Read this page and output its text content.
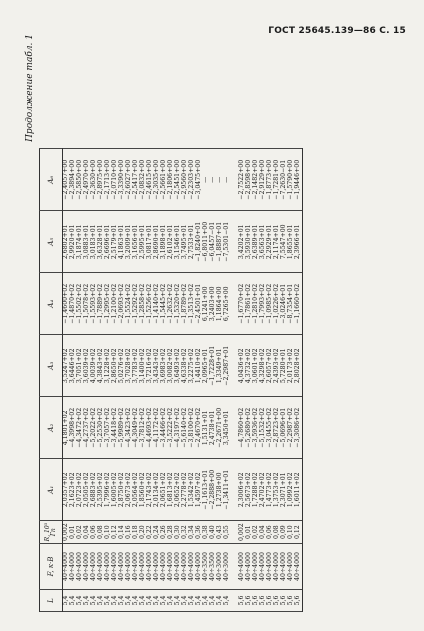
ГОСТ 25645.139—86 С. 15
Продолжение табл. 1
L	F, к·В	R, 10³ Гп	A₁	A₂	A₃	A₄	A₅	A₆
5,4	40÷4000	0,002	2,0357+02	4,1801+02	3,5247+02	−1,4600+02	2,6802+01	−2,4057+00
5,4	40÷4000	0,01	2,1623+02	−4,3998+02	3,6446+02	−1,4870+02	2,9920+01	−2,3894+00
5,4	40÷4000	0,02	2,0723+02	−4,3472+02	3,7051+02	−1,5502+02	3,1874+01	−2,5850+00
5,4	40÷4000	0,04	2,0505+02	−4,2737+02	3,6039+02	−1,5078+02	3,0883+01	−2,4970+00
5,4	40÷4000	0,06	2,6883+02	−5,2022+02	4,0039+02	−1,5593+02	3,0183+01	−2,3630+00
5,4	40÷4000	0,08	2,5395+02	−5,2530+02	4,3843+02	−1,7889+02	3,6328+01	−2,8975+00
5,4	40÷4000	0,10	1,7996+02	−3,7057+02	3,1228+02	−1,2995+02	2,6696+01	−2,1713+00
5,4	40÷4000	0,12	1,6005+02	−3,4418+02	2,8650+02	−1,2100+02	2,5179+01	−2,0710+00
5,4	40÷4000	0,14	2,8750+02	−5,9989+02	5,0276+02	−2,0693+02	4,1863+01	−3,3390+00
5,4	40÷4000	0,16	2,0673+02	−4,3423+02	3,7028+02	−1,5524+02	3,2009+01	−2,6027+00
5,4	40÷4000	0,18	2,0564+02	−4,3049+02	3,7783+02	−1,5292+02	3,1656+01	−2,5417+00
5,4	40÷4000	0,20	1,8560+02	−3,7812+02	3,1400+02	−1,2858+02	2,5995+01	−2,0832+00
5,4	40÷4000	0,22	2,1743+02	−4,4693+02	3,7216+02	−1,5256+02	3,0817+01	−2,4615+00
5,4	40÷4000	0,24	2,0134+02	−4,1172+02	3,4343+02	−1,4140+02	2,8690+01	−2,3035+00
5,4	40÷4000	0,26	2,0651+02	−3,4466+02	3,6983+02	−1,5445+02	3,1898+01	−2,5661+00
5,4	40÷4000	0,28	1,6813+02	−3,5222+02	3,0082+02	−1,2632+02	2,6102+01	−2,1806+00
5,4	40÷4000	0,30	2,0652+02	−4,3197+02	3,6493+02	−1,5320+02	3,1546+01	−2,5451+00
5,4	40÷4000	0,32	2,2778+02	−5,6140+02	4,6338+02	−1,8789+02	3,7495+01	−2,9560+00
5,4	40÷4000	0,34	1,5342+02	−3,8100+02	3,2275+02	−1,3513+02	2,7533+01	−2,2303+00
5,4	40÷4000	0,36	1,4597+02	−2,4670+02	1,4410+02	−2,4501+01	−1,8240+01	−3,0475+00
5,4	40÷3500	0,38	−1,1613+01	1,5131+01	2,0965+01	6,1241+00	−6,8011+00	—
5,4	40÷3500	0,40	−2,2888+00	2,4738+01	−1,7228+01	3,2403+00	−6,0457−01	—
5,4	40÷3000	0,43	1,2738+00	−2,2671+00	1,3349+01	1,1864+00	−1,8887+01	—
5,4	40÷3000	0,55	−1,3411+01	3,3450+01	−2,2987+01	6,7265+00	−7,5301−01	—

5,6	40÷4000	0,002	2,3006+02	−4,7860+02	4,0436+02	−1,6770+02	3,4202+01	−2,7522+00
5,6	40÷4000	0,01	2,5673+02	−5,2680+02	4,3732+02	−1,7861+02	3,5930+01	−2,8598+00
5,6	40÷4000	0,02	1,7288+02	−3,5936+02	3,0601+02	−1,2810+02	2,6389+01	−2,1482+00
5,6	40÷4000	0,04	2,4702+02	−5,1532+02	4,3298+02	−1,7993+02	3,6563+01	−2,9129+00
5,6	40÷4000	0,06	1,4773+02	−3,0455+02	2,6057+02	−1,0985+02	2,2929+01	−1,8773+00
5,6	40÷4000	0,08	1,3753+02	−2,8723+02	2,4393+02	−1,0226+02	2,1174+01	−1,7281+00
5,6	40÷4000	0,09	2,3071+01	−5,0696+01	5,7280+01	−3,0246+01	7,5547+00	−7,2630−01
5,6	40÷4000	0,10	1,0992+02	−2,2987+02	2,0173+02	−8,7354+01	1,8655+01	−1,5790+00
5,6	40÷4000	0,12	1,6011+02	−3,3086+02	2,8028+02	−1,1660+02	2,3966+01	−1,9446+00
